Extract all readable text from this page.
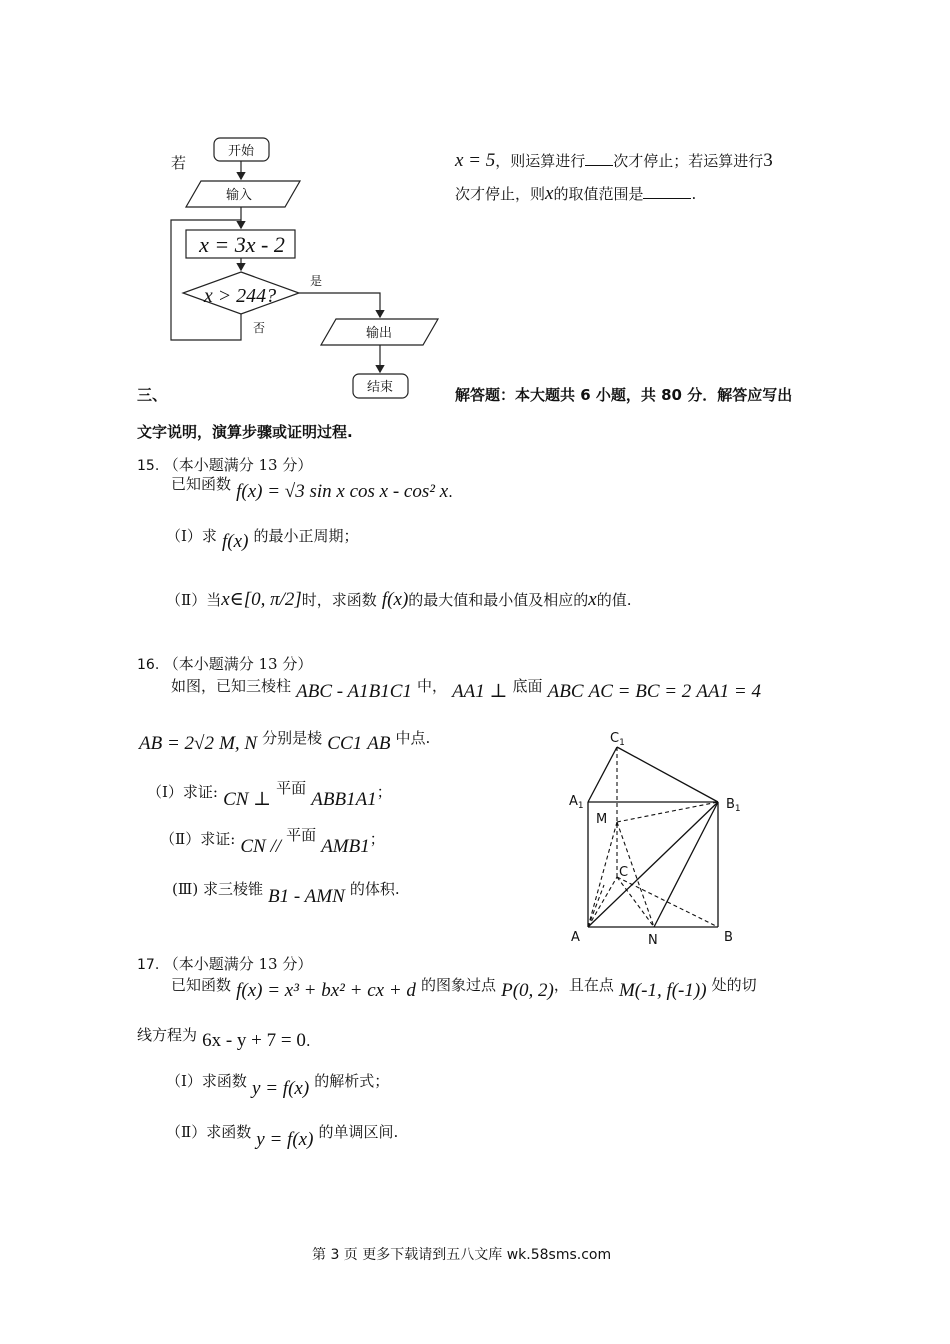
开始
输入
x = 3x - 2
x > 244?
是
否	输出
结束
若	x = 5，则运算进行 次才停止；若运算进行3
次才停止，则x的取值范围是	.
三、	解答题：本大题共 6 小题，共 80 分．解答应写出
文字说明，演算步骤或证明过程.
15. （本小题满分 13 分）
已知函数 f(x) = √3 sin x cos x - cos² x.
（Ⅰ）求 f(x) 的最小正周期；
（Ⅱ）当x∈[0, π/2]时，求函数 f(x)的最大值和最小值及相应的x的值.
16. （本小题满分 13 分）
如图，已知三棱柱 ABC - A1B1C1 中， AA1 ⊥ 底面 ABC AC = BC = 2 AA1 = 4
AB = 2√2 M, N 分别是棱 CC1 AB 中点.
（Ⅰ）求证: CN ⊥ 平面 ABB1A1；
（Ⅱ）求证: CN // 平面 AMB1；
(Ⅲ) 求三棱锥 B1 - AMN 的体积.
$C_1$
$A_1$	$B_1$
M
C
A	N	B
17. （本小题满分 13 分）
已知函数 f(x) = x³ + bx² + cx + d 的图象过点 P(0, 2)，且在点 M(-1, f(-1)) 处的切
线方程为 6x - y + 7 = 0.
（Ⅰ）求函数 y = f(x) 的解析式；
（Ⅱ）求函数 y = f(x) 的单调区间.
第 3 页 更多下载请到五八文库 wk.58sms.com
